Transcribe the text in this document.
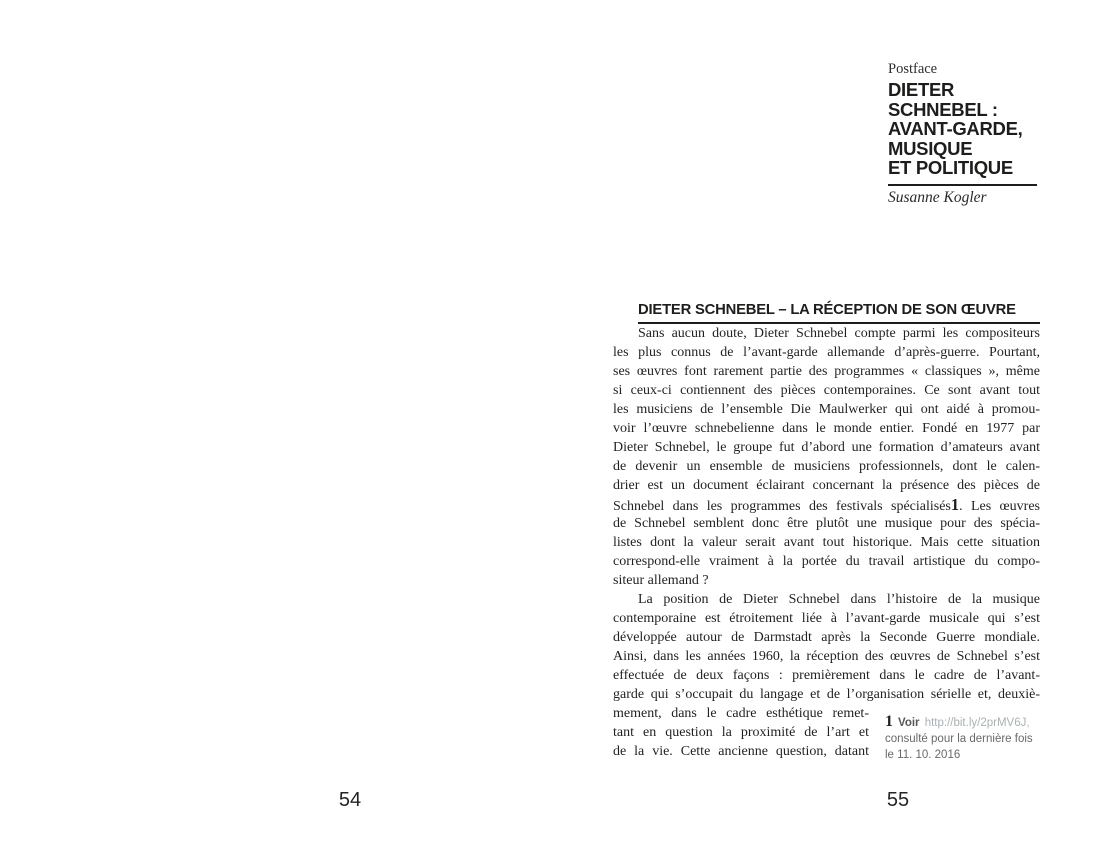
54
Postface
DIETER
SCHNEBEL :
AVANT-GARDE,
MUSIQUE
ET POLITIQUE
Susanne Kogler
DIETER SCHNEBEL – LA RÉCEPTION DE SON ŒUVRE
Sans aucun doute, Dieter Schnebel compte parmi les compositeurs
les plus connus de l’avant-garde allemande d’après-guerre. Pourtant,
ses œuvres font rarement partie des programmes « classiques », même
si ceux-ci contiennent des pièces contemporaines. Ce sont avant tout
les musiciens de l’ensemble Die Maulwerker qui ont aidé à promou-
voir l’œuvre schnebelienne dans le monde entier. Fondé en 1977 par
Dieter Schnebel, le groupe fut d’abord une formation d’amateurs avant
de devenir un ensemble de musiciens professionnels, dont le calen-
drier est un document éclairant concernant la présence des pièces de
Schnebel dans les programmes des festivals spécialisés1. Les œuvres
de Schnebel semblent donc être plutôt une musique pour des spécia-
listes dont la valeur serait avant tout historique. Mais cette situation
correspond-elle vraiment à la portée du travail artistique du compo-
siteur allemand ?
La position de Dieter Schnebel dans l’histoire de la musique
contemporaine est étroitement liée à l’avant-garde musicale qui s’est
développée autour de Darmstadt après la Seconde Guerre mondiale.
Ainsi, dans les années 1960, la réception des œuvres de Schnebel s’est
effectuée de deux façons : premièrement dans le cadre de l’avant-
garde qui s’occupait du langage et de l’organisation sérielle et, deuxiè-
mement, dans le cadre esthétique remet-
tant en question la proximité de l’art et
de la vie. Cette ancienne question, datant
1 Voir http://bit.ly/2prMV6J,
consulté pour la dernière fois
le 11. 10. 2016
55
